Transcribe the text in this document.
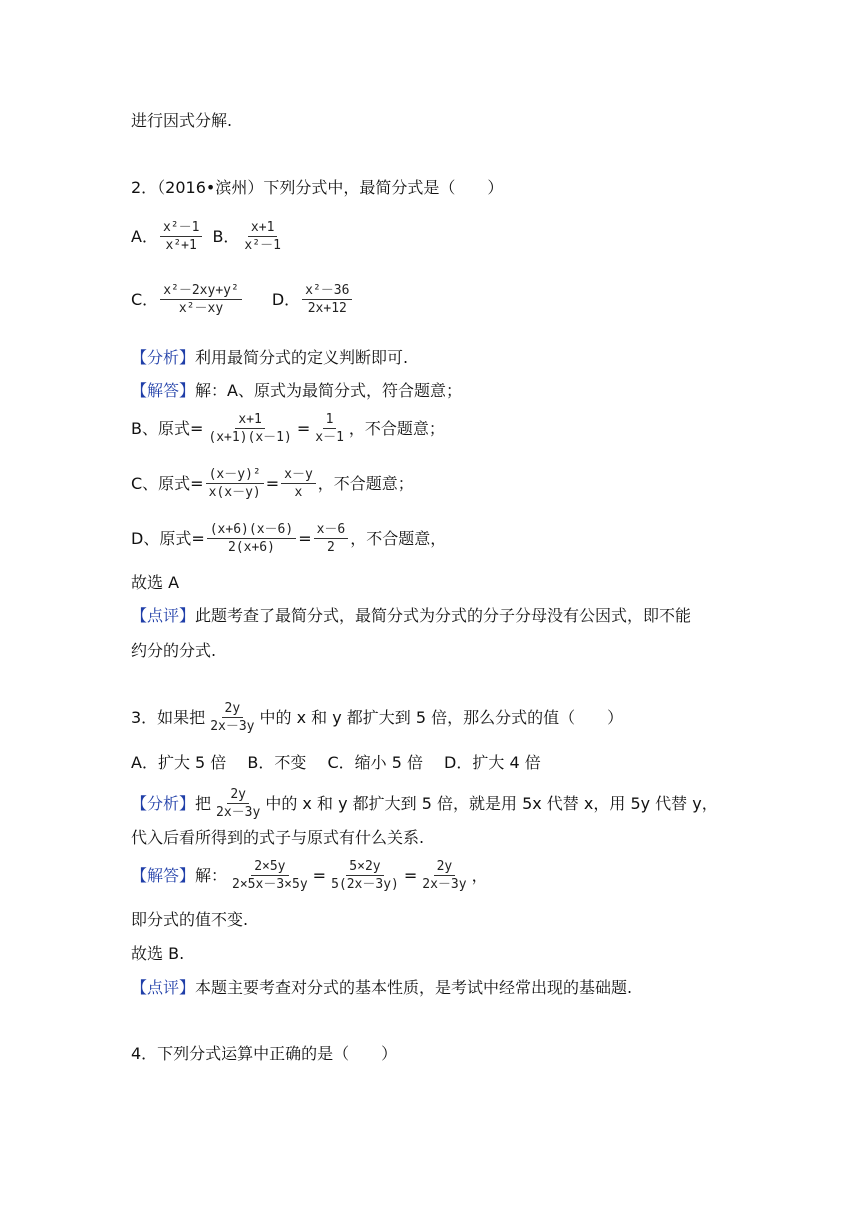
进行因式分解.
2．（2016•滨州）下列分式中，最简分式是（　　）
A． $\frac{\text{x²－1}}{\text{x²+1}}$ B． $\frac{x+1}{\text{x²－1}}$
C． $\frac{\text{x²－2xy+y²}}{\text{x²－xy}}$ D． $\frac{\text{x²－36}}{2x+12}$
【分析】 利用最简分式的定义判断即可.
【解答】 解：A、原式为最简分式，符合题意；
B、原式= $\frac{x+1}{(x+1)(x-1)} = \frac{1}{x-1}$ ，不合题意；
C、原式= $\frac{\text{(x－y)²}}{x(x-y)} = \frac{x-y}{x}$ ，不合题意；
D、原式= $\frac{(x+6)(x-6)}{2(x+6)} = \frac{x-6}{2}$ ，不合题意，
故选 A
【点评】 此题考查了最简分式，最简分式为分式的分子分母没有公因式，即不能
约分的分式.
3．如果把 $\frac{2y}{2x-3y}$ 中的 x 和 y 都扩大到 5 倍，那么分式的值（　　）
A．扩大 5 倍　 B．不变　 C．缩小 5 倍　 D．扩大 4 倍
【分析】 把 $\frac{2y}{2x-3y}$ 中的 x 和 y 都扩大到 5 倍，就是用 5x 代替 x，用 5y 代替 y，
代入后看所得到的式子与原式有什么关系.
【解答】 解： $\frac{2\times 5y}{2\times 5x-3\times 5y} = \frac{5\times 2y}{5(2x-3y)} = \frac{2y}{2x-3y}$ ，
即分式的值不变.
故选 B.
【点评】 本题主要考查对分式的基本性质，是考试中经常出现的基础题.
4．下列分式运算中正确的是（　　）
